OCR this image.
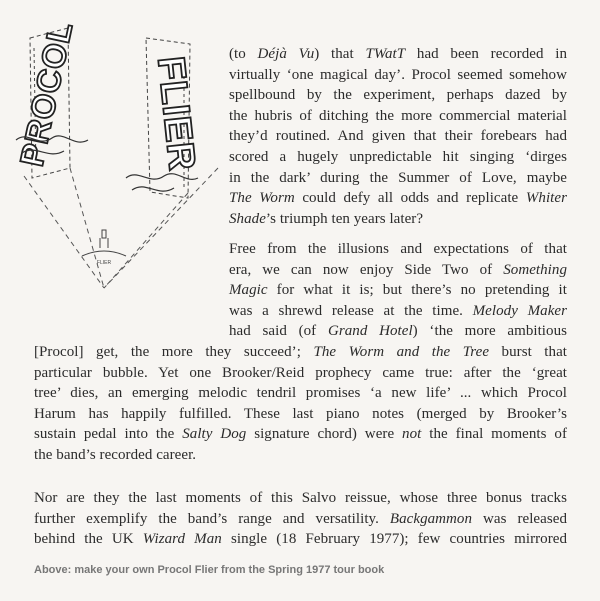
PROCOL FLIER
FLIER
(to Déjà Vu) that TWatT had been recorded in
virtually ‘one magical day’. Procol seemed somehow
spellbound by the experiment, perhaps dazed by
the hubris of ditching the more commercial material
they’d routined. And given that their forebears had
scored a hugely unpredictable hit singing ‘dirges
in the dark’ during the Summer of Love, maybe
The Worm could defy all odds and replicate Whiter
Shade’s triumph ten years later?
Free from the illusions and expectations of that
era, we can now enjoy Side Two of Something
Magic for what it is; but there’s no pretending it
was a shrewd release at the time. Melody Maker
had said (of Grand Hotel) ‘the more ambitious
[Procol] get, the more they succeed’; The Worm and the Tree burst that
particular bubble. Yet one Brooker/Reid prophecy came true: after the ‘great
tree’ dies, an emerging melodic tendril promises ‘a new life’ ... which Procol
Harum has happily fulfilled. These last piano notes (merged by Brooker’s
sustain pedal into the Salty Dog signature chord) were not the final moments of
the band’s recorded career.
Nor are they the last moments of this Salvo reissue, whose three bonus tracks
further exemplify the band’s range and versatility. Backgammon was released
behind the UK Wizard Man single (18 February 1977); few countries mirrored
Above: make your own Procol Flier from the Spring 1977 tour book
